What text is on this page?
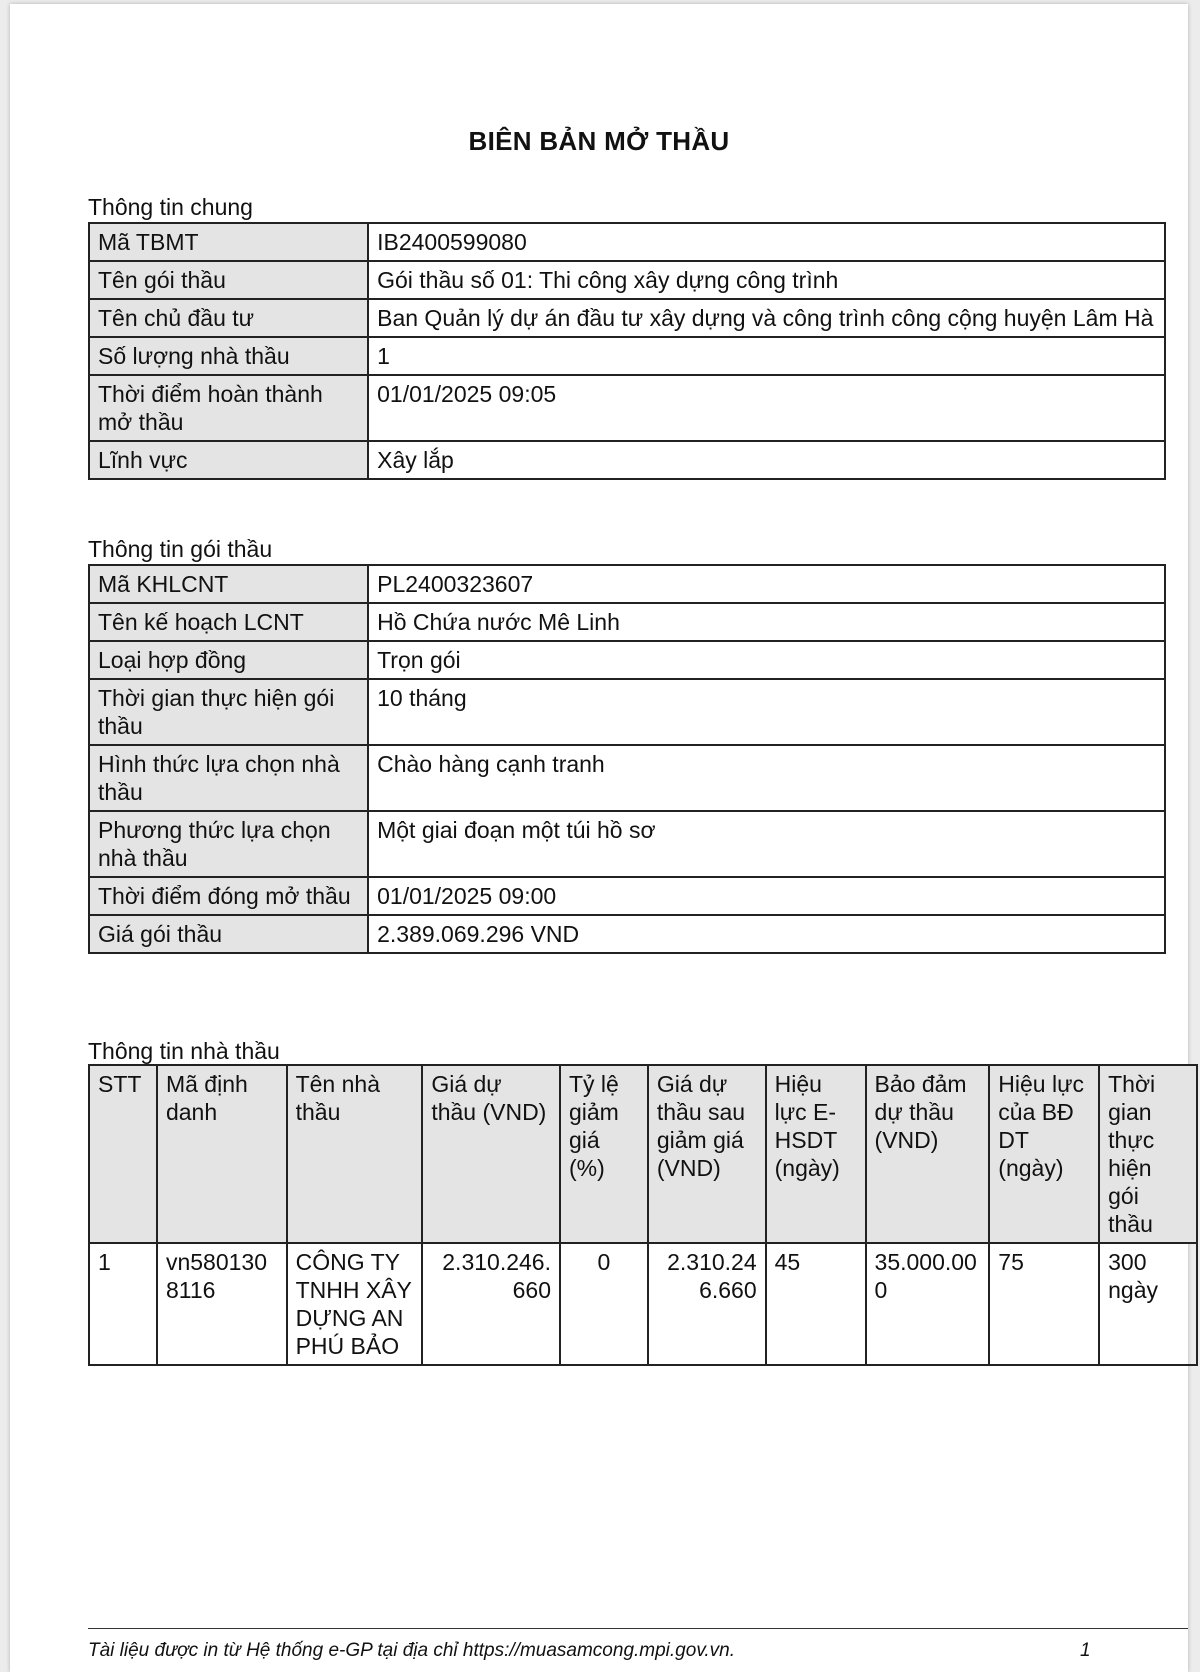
BIÊN BẢN MỞ THẦU
Thông tin chung
Mã TBMT	IB2400599080
Tên gói thầu	Gói thầu số 01: Thi công xây dựng công trình
Tên chủ đầu tư	Ban Quản lý dự án đầu tư xây dựng và công trình công cộng huyện Lâm Hà
Số lượng nhà thầu	1
Thời điểm hoàn thành mở thầu	01/01/2025 09:05
Lĩnh vực	Xây lắp
Thông tin gói thầu
Mã KHLCNT	PL2400323607
Tên kế hoạch LCNT	Hồ Chứa nước Mê Linh
Loại hợp đồng	Trọn gói
Thời gian thực hiện gói thầu	10 tháng
Hình thức lựa chọn nhà thầu	Chào hàng cạnh tranh
Phương thức lựa chọn nhà thầu	Một giai đoạn một túi hồ sơ
Thời điểm đóng mở thầu	01/01/2025 09:00
Giá gói thầu	2.389.069.296 VND
Thông tin nhà thầu
STT	Mã định danh	Tên nhà thầu	Giá dự thầu (VND)	Tỷ lệ giảm giá (%)	Giá dự thầu sau giảm giá (VND)	Hiệu lực E-HSDT (ngày)	Bảo đảm dự thầu (VND)	Hiệu lực của BĐ DT (ngày)	Thời gian thực hiện gói thầu
1	vn5801308116	CÔNG TY TNHH XÂY DỰNG AN PHÚ BẢO	2.310.246.660	0	2.310.246.660	45	35.000.000	75	300 ngày
Tài liệu được in từ Hệ thống e-GP tại địa chỉ https://muasamcong.mpi.gov.vn.	1
